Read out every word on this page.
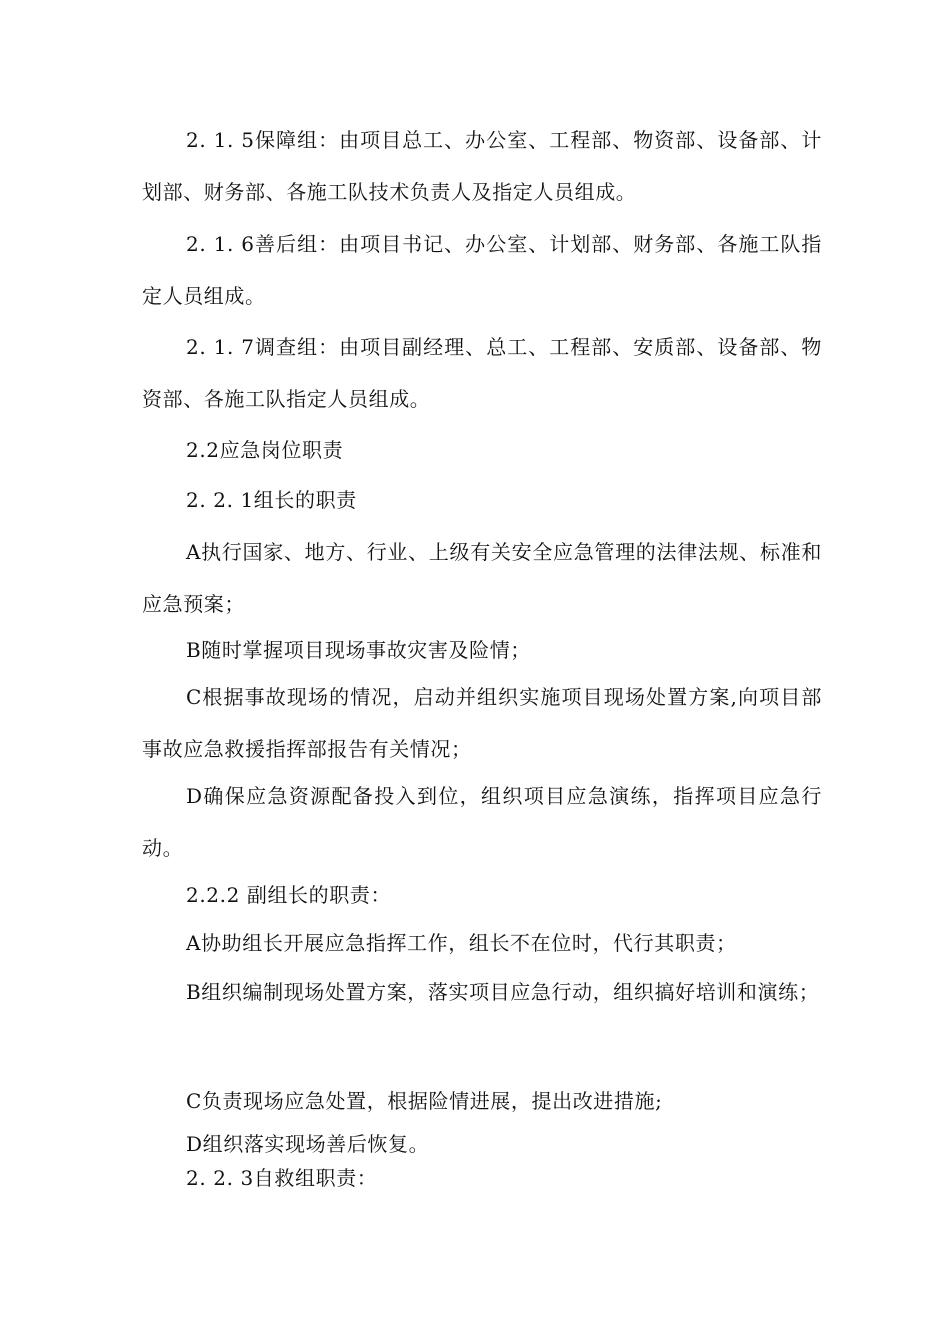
2. 1. 5保障组：由项目总工、办公室、工程部、物资部、设备部、计划部、财务部、各施工队技术负责人及指定人员组成。

2. 1. 6善后组：由项目书记、办公室、计划部、财务部、各施工队指定人员组成。

2. 1. 7调查组：由项目副经理、总工、工程部、安质部、设备部、物资部、各施工队指定人员组成。

2.2应急岗位职责

2. 2. 1组长的职责

A执行国家、地方、行业、上级有关安全应急管理的法律法规、标准和应急预案；

B随时掌握项目现场事故灾害及险情；

C根据事故现场的情况，启动并组织实施项目现场处置方案,向项目部事故应急救援指挥部报告有关情况；

D确保应急资源配备投入到位，组织项目应急演练，指挥项目应急行动。

2.2.2 副组长的职责：

A协助组长开展应急指挥工作，组长不在位时，代行其职责；

B组织编制现场处置方案，落实项目应急行动，组织搞好培训和演练；

C负责现场应急处置，根据险情进展，提出改进措施;

D组织落实现场善后恢复。

2. 2. 3自救组职责：
